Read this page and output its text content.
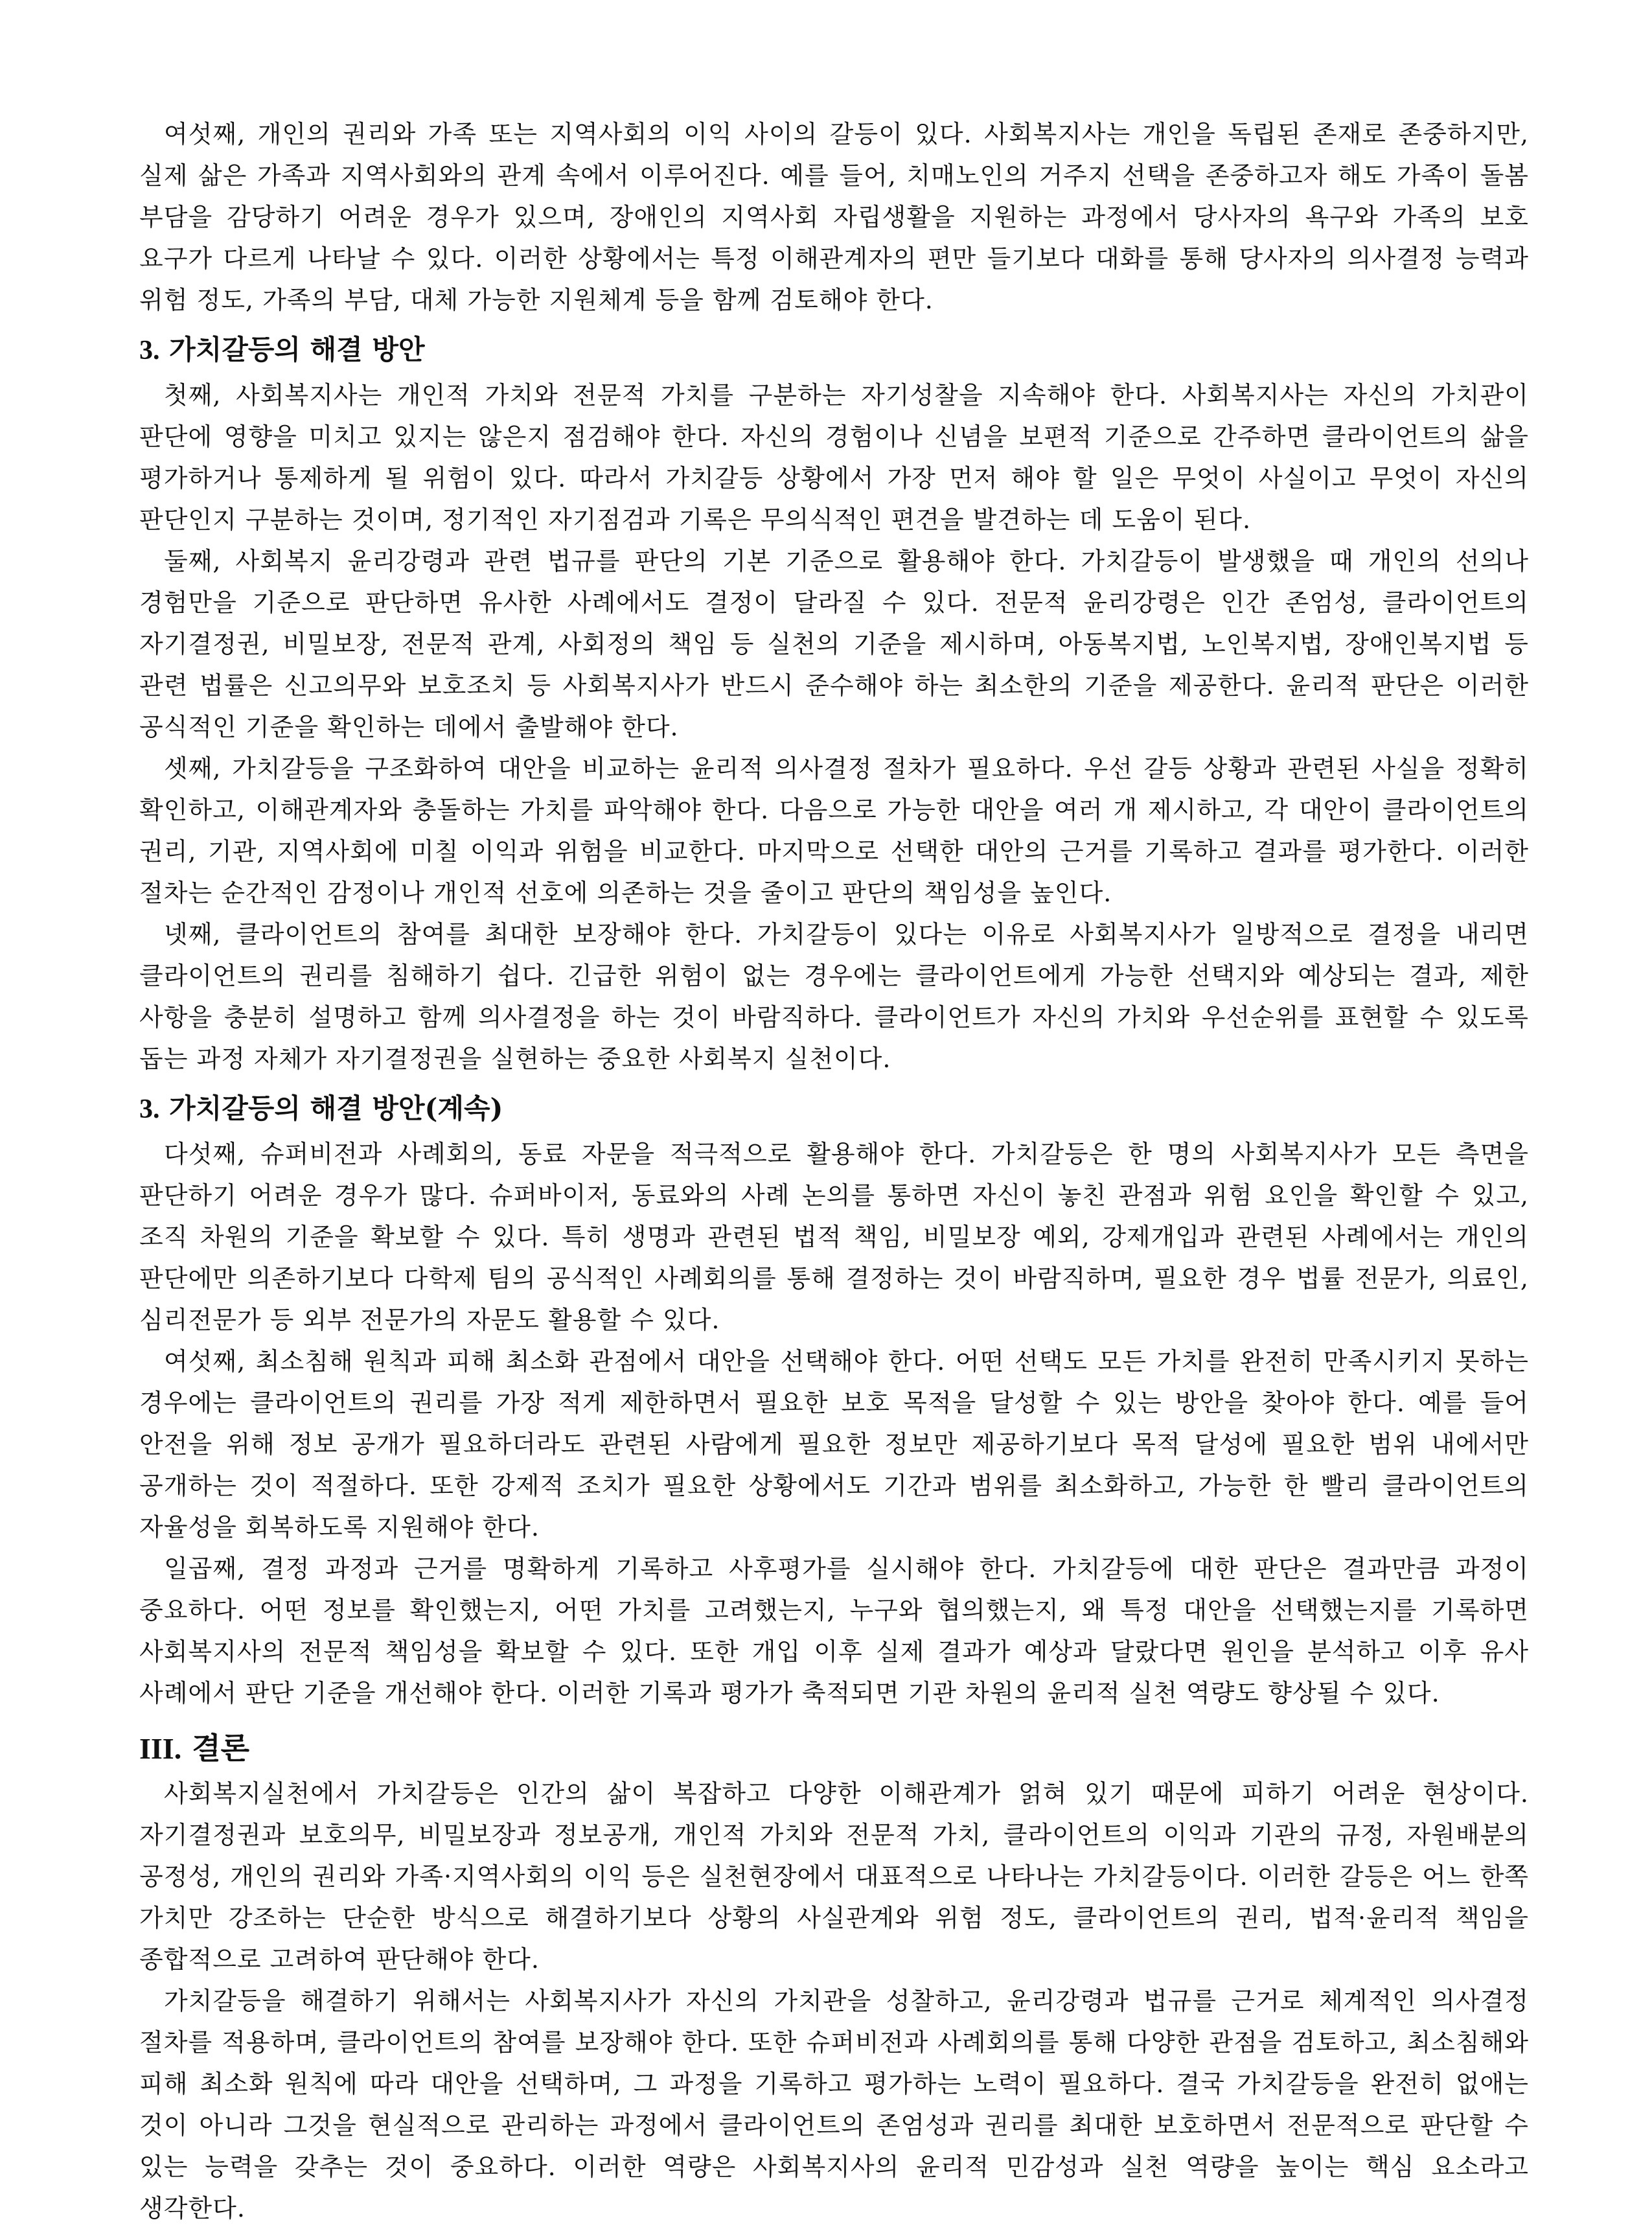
여섯째, 개인의 권리와 가족 또는 지역사회의 이익 사이의 갈등이 있다. 사회복지사는 개인을 독립된 존재로 존중하지만, 실제 삶은 가족과 지역사회와의 관계 속에서 이루어진다. 예를 들어, 치매노인의 거주지 선택을 존중하고자 해도 가족이 돌봄 부담을 감당하기 어려운 경우가 있으며, 장애인의 지역사회 자립생활을 지원하는 과정에서 당사자의 욕구와 가족의 보호 요구가 다르게 나타날 수 있다. 이러한 상황에서는 특정 이해관계자의 편만 들기보다 대화를 통해 당사자의 의사결정 능력과 위험 정도, 가족의 부담, 대체 가능한 지원체계 등을 함께 검토해야 한다.

3. 가치갈등의 해결 방안

첫째, 사회복지사는 개인적 가치와 전문적 가치를 구분하는 자기성찰을 지속해야 한다. 사회복지사는 자신의 가치관이 판단에 영향을 미치고 있지는 않은지 점검해야 한다. 자신의 경험이나 신념을 보편적 기준으로 간주하면 클라이언트의 삶을 평가하거나 통제하게 될 위험이 있다. 따라서 가치갈등 상황에서 가장 먼저 해야 할 일은 무엇이 사실이고 무엇이 자신의 판단인지 구분하는 것이며, 정기적인 자기점검과 기록은 무의식적인 편견을 발견하는 데 도움이 된다.

둘째, 사회복지 윤리강령과 관련 법규를 판단의 기본 기준으로 활용해야 한다. 가치갈등이 발생했을 때 개인의 선의나 경험만을 기준으로 판단하면 유사한 사례에서도 결정이 달라질 수 있다. 전문적 윤리강령은 인간 존엄성, 클라이언트의 자기결정권, 비밀보장, 전문적 관계, 사회정의 책임 등 실천의 기준을 제시하며, 아동복지법, 노인복지법, 장애인복지법 등 관련 법률은 신고의무와 보호조치 등 사회복지사가 반드시 준수해야 하는 최소한의 기준을 제공한다. 윤리적 판단은 이러한 공식적인 기준을 확인하는 데에서 출발해야 한다.

셋째, 가치갈등을 구조화하여 대안을 비교하는 윤리적 의사결정 절차가 필요하다. 우선 갈등 상황과 관련된 사실을 정확히 확인하고, 이해관계자와 충돌하는 가치를 파악해야 한다. 다음으로 가능한 대안을 여러 개 제시하고, 각 대안이 클라이언트의 권리, 기관, 지역사회에 미칠 이익과 위험을 비교한다. 마지막으로 선택한 대안의 근거를 기록하고 결과를 평가한다. 이러한 절차는 순간적인 감정이나 개인적 선호에 의존하는 것을 줄이고 판단의 책임성을 높인다.

넷째, 클라이언트의 참여를 최대한 보장해야 한다. 가치갈등이 있다는 이유로 사회복지사가 일방적으로 결정을 내리면 클라이언트의 권리를 침해하기 쉽다. 긴급한 위험이 없는 경우에는 클라이언트에게 가능한 선택지와 예상되는 결과, 제한 사항을 충분히 설명하고 함께 의사결정을 하는 것이 바람직하다. 클라이언트가 자신의 가치와 우선순위를 표현할 수 있도록 돕는 과정 자체가 자기결정권을 실현하는 중요한 사회복지 실천이다.

3. 가치갈등의 해결 방안(계속)

다섯째, 슈퍼비전과 사례회의, 동료 자문을 적극적으로 활용해야 한다. 가치갈등은 한 명의 사회복지사가 모든 측면을 판단하기 어려운 경우가 많다. 슈퍼바이저, 동료와의 사례 논의를 통하면 자신이 놓친 관점과 위험 요인을 확인할 수 있고, 조직 차원의 기준을 확보할 수 있다. 특히 생명과 관련된 법적 책임, 비밀보장 예외, 강제개입과 관련된 사례에서는 개인의 판단에만 의존하기보다 다학제 팀의 공식적인 사례회의를 통해 결정하는 것이 바람직하며, 필요한 경우 법률 전문가, 의료인, 심리전문가 등 외부 전문가의 자문도 활용할 수 있다.

여섯째, 최소침해 원칙과 피해 최소화 관점에서 대안을 선택해야 한다. 어떤 선택도 모든 가치를 완전히 만족시키지 못하는 경우에는 클라이언트의 권리를 가장 적게 제한하면서 필요한 보호 목적을 달성할 수 있는 방안을 찾아야 한다. 예를 들어 안전을 위해 정보 공개가 필요하더라도 관련된 사람에게 필요한 정보만 제공하기보다 목적 달성에 필요한 범위 내에서만 공개하는 것이 적절하다. 또한 강제적 조치가 필요한 상황에서도 기간과 범위를 최소화하고, 가능한 한 빨리 클라이언트의 자율성을 회복하도록 지원해야 한다.

일곱째, 결정 과정과 근거를 명확하게 기록하고 사후평가를 실시해야 한다. 가치갈등에 대한 판단은 결과만큼 과정이 중요하다. 어떤 정보를 확인했는지, 어떤 가치를 고려했는지, 누구와 협의했는지, 왜 특정 대안을 선택했는지를 기록하면 사회복지사의 전문적 책임성을 확보할 수 있다. 또한 개입 이후 실제 결과가 예상과 달랐다면 원인을 분석하고 이후 유사 사례에서 판단 기준을 개선해야 한다. 이러한 기록과 평가가 축적되면 기관 차원의 윤리적 실천 역량도 향상될 수 있다.

III. 결론

사회복지실천에서 가치갈등은 인간의 삶이 복잡하고 다양한 이해관계가 얽혀 있기 때문에 피하기 어려운 현상이다. 자기결정권과 보호의무, 비밀보장과 정보공개, 개인적 가치와 전문적 가치, 클라이언트의 이익과 기관의 규정, 자원배분의 공정성, 개인의 권리와 가족·지역사회의 이익 등은 실천현장에서 대표적으로 나타나는 가치갈등이다. 이러한 갈등은 어느 한쪽 가치만 강조하는 단순한 방식으로 해결하기보다 상황의 사실관계와 위험 정도, 클라이언트의 권리, 법적·윤리적 책임을 종합적으로 고려하여 판단해야 한다.

가치갈등을 해결하기 위해서는 사회복지사가 자신의 가치관을 성찰하고, 윤리강령과 법규를 근거로 체계적인 의사결정 절차를 적용하며, 클라이언트의 참여를 보장해야 한다. 또한 슈퍼비전과 사례회의를 통해 다양한 관점을 검토하고, 최소침해와 피해 최소화 원칙에 따라 대안을 선택하며, 그 과정을 기록하고 평가하는 노력이 필요하다. 결국 가치갈등을 완전히 없애는 것이 아니라 그것을 현실적으로 관리하는 과정에서 클라이언트의 존엄성과 권리를 최대한 보호하면서 전문적으로 판단할 수 있는 능력을 갖추는 것이 중요하다. 이러한 역량은 사회복지사의 윤리적 민감성과 실천 역량을 높이는 핵심 요소라고 생각한다.
